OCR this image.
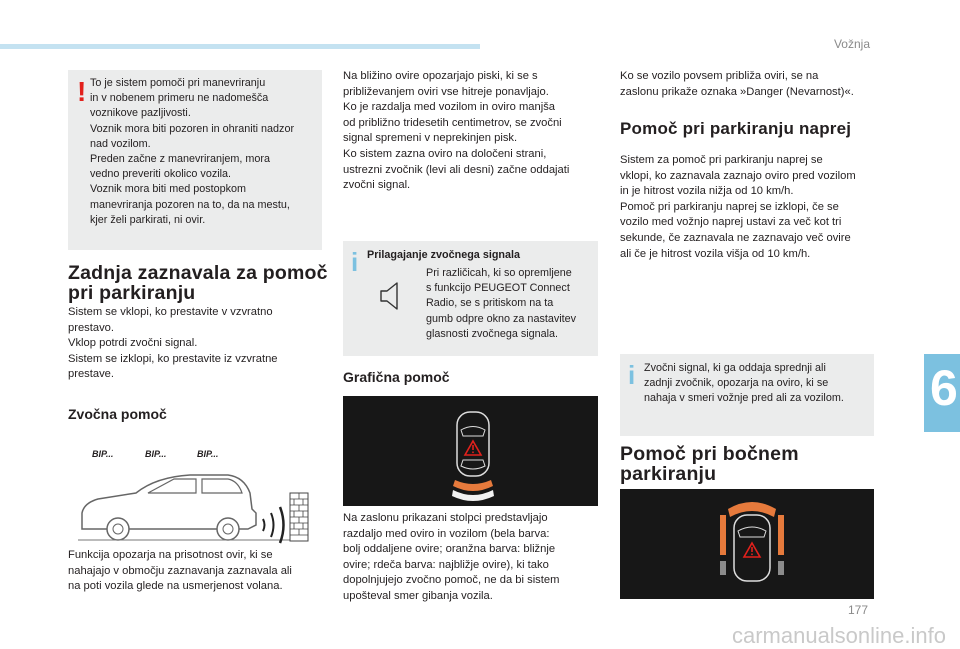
Vožnja
6
177
carmanualsonline.info
! To je sistem pomoči pri manevriranju
in v nobenem primeru ne nadomešča
voznikove pazljivosti.
Voznik mora biti pozoren in ohraniti nadzor
nad vozilom.
Preden začne z manevriranjem, mora
vedno preveriti okolico vozila.
Voznik mora biti med postopkom
manevriranja pozoren na to, da na mestu,
kjer želi parkirati, ni ovir.

Zadnja zaznavala za pomoč
pri parkiranju

Sistem se vklopi, ko prestavite v vzvratno
prestavo.
Vklop potrdi zvočni signal.
Sistem se izklopi, ko prestavite iz vzvratne
prestave.

Zvočna pomoč
BIP...	BIP...	BIP...

Funkcija opozarja na prisotnost ovir, ki se
nahajajo v območju zaznavanja zaznavala ali
na poti vozila glede na usmerjenost volana.

Na bližino ovire opozarjajo piski, ki se s
približevanjem oviri vse hitreje ponavljajo.
Ko je razdalja med vozilom in oviro manjša
od približno tridesetih centimetrov, se zvočni
signal spremeni v neprekinjen pisk.
Ko sistem zazna oviro na določeni strani,
ustrezni zvočnik (levi ali desni) začne oddajati
zvočni signal.

i Prilagajanje zvočnega signala

Pri različicah, ki so opremljene
s funkcijo PEUGEOT Connect
Radio, se s pritiskom na ta
gumb odpre okno za nastavitev
glasnosti zvočnega signala.

Grafična pomoč

Na zaslonu prikazani stolpci predstavljajo
razdaljo med oviro in vozilom (bela barva:
bolj oddaljene ovire; oranžna barva: bližnje
ovire; rdeča barva: najbližje ovire), ki tako
dopolnjujejo zvočno pomoč, ne da bi sistem
upošteval smer gibanja vozila.

Ko se vozilo povsem približa oviri, se na
zaslonu prikaže oznaka »Danger (Nevarnost)«.

Pomoč pri parkiranju naprej

Sistem za pomoč pri parkiranju naprej se
vklopi, ko zaznavala zaznajo oviro pred vozilom
in je hitrost vozila nižja od 10 km/h.
Pomoč pri parkiranju naprej se izklopi, če se
vozilo med vožnjo naprej ustavi za več kot tri
sekunde, če zaznavala ne zaznavajo več ovire
ali če je hitrost vozila višja od 10 km/h.

i Zvočni signal, ki ga oddaja sprednji ali
zadnji zvočnik, opozarja na oviro, ki se
nahaja v smeri vožnje pred ali za vozilom.

Pomoč pri bočnem
parkiranju
